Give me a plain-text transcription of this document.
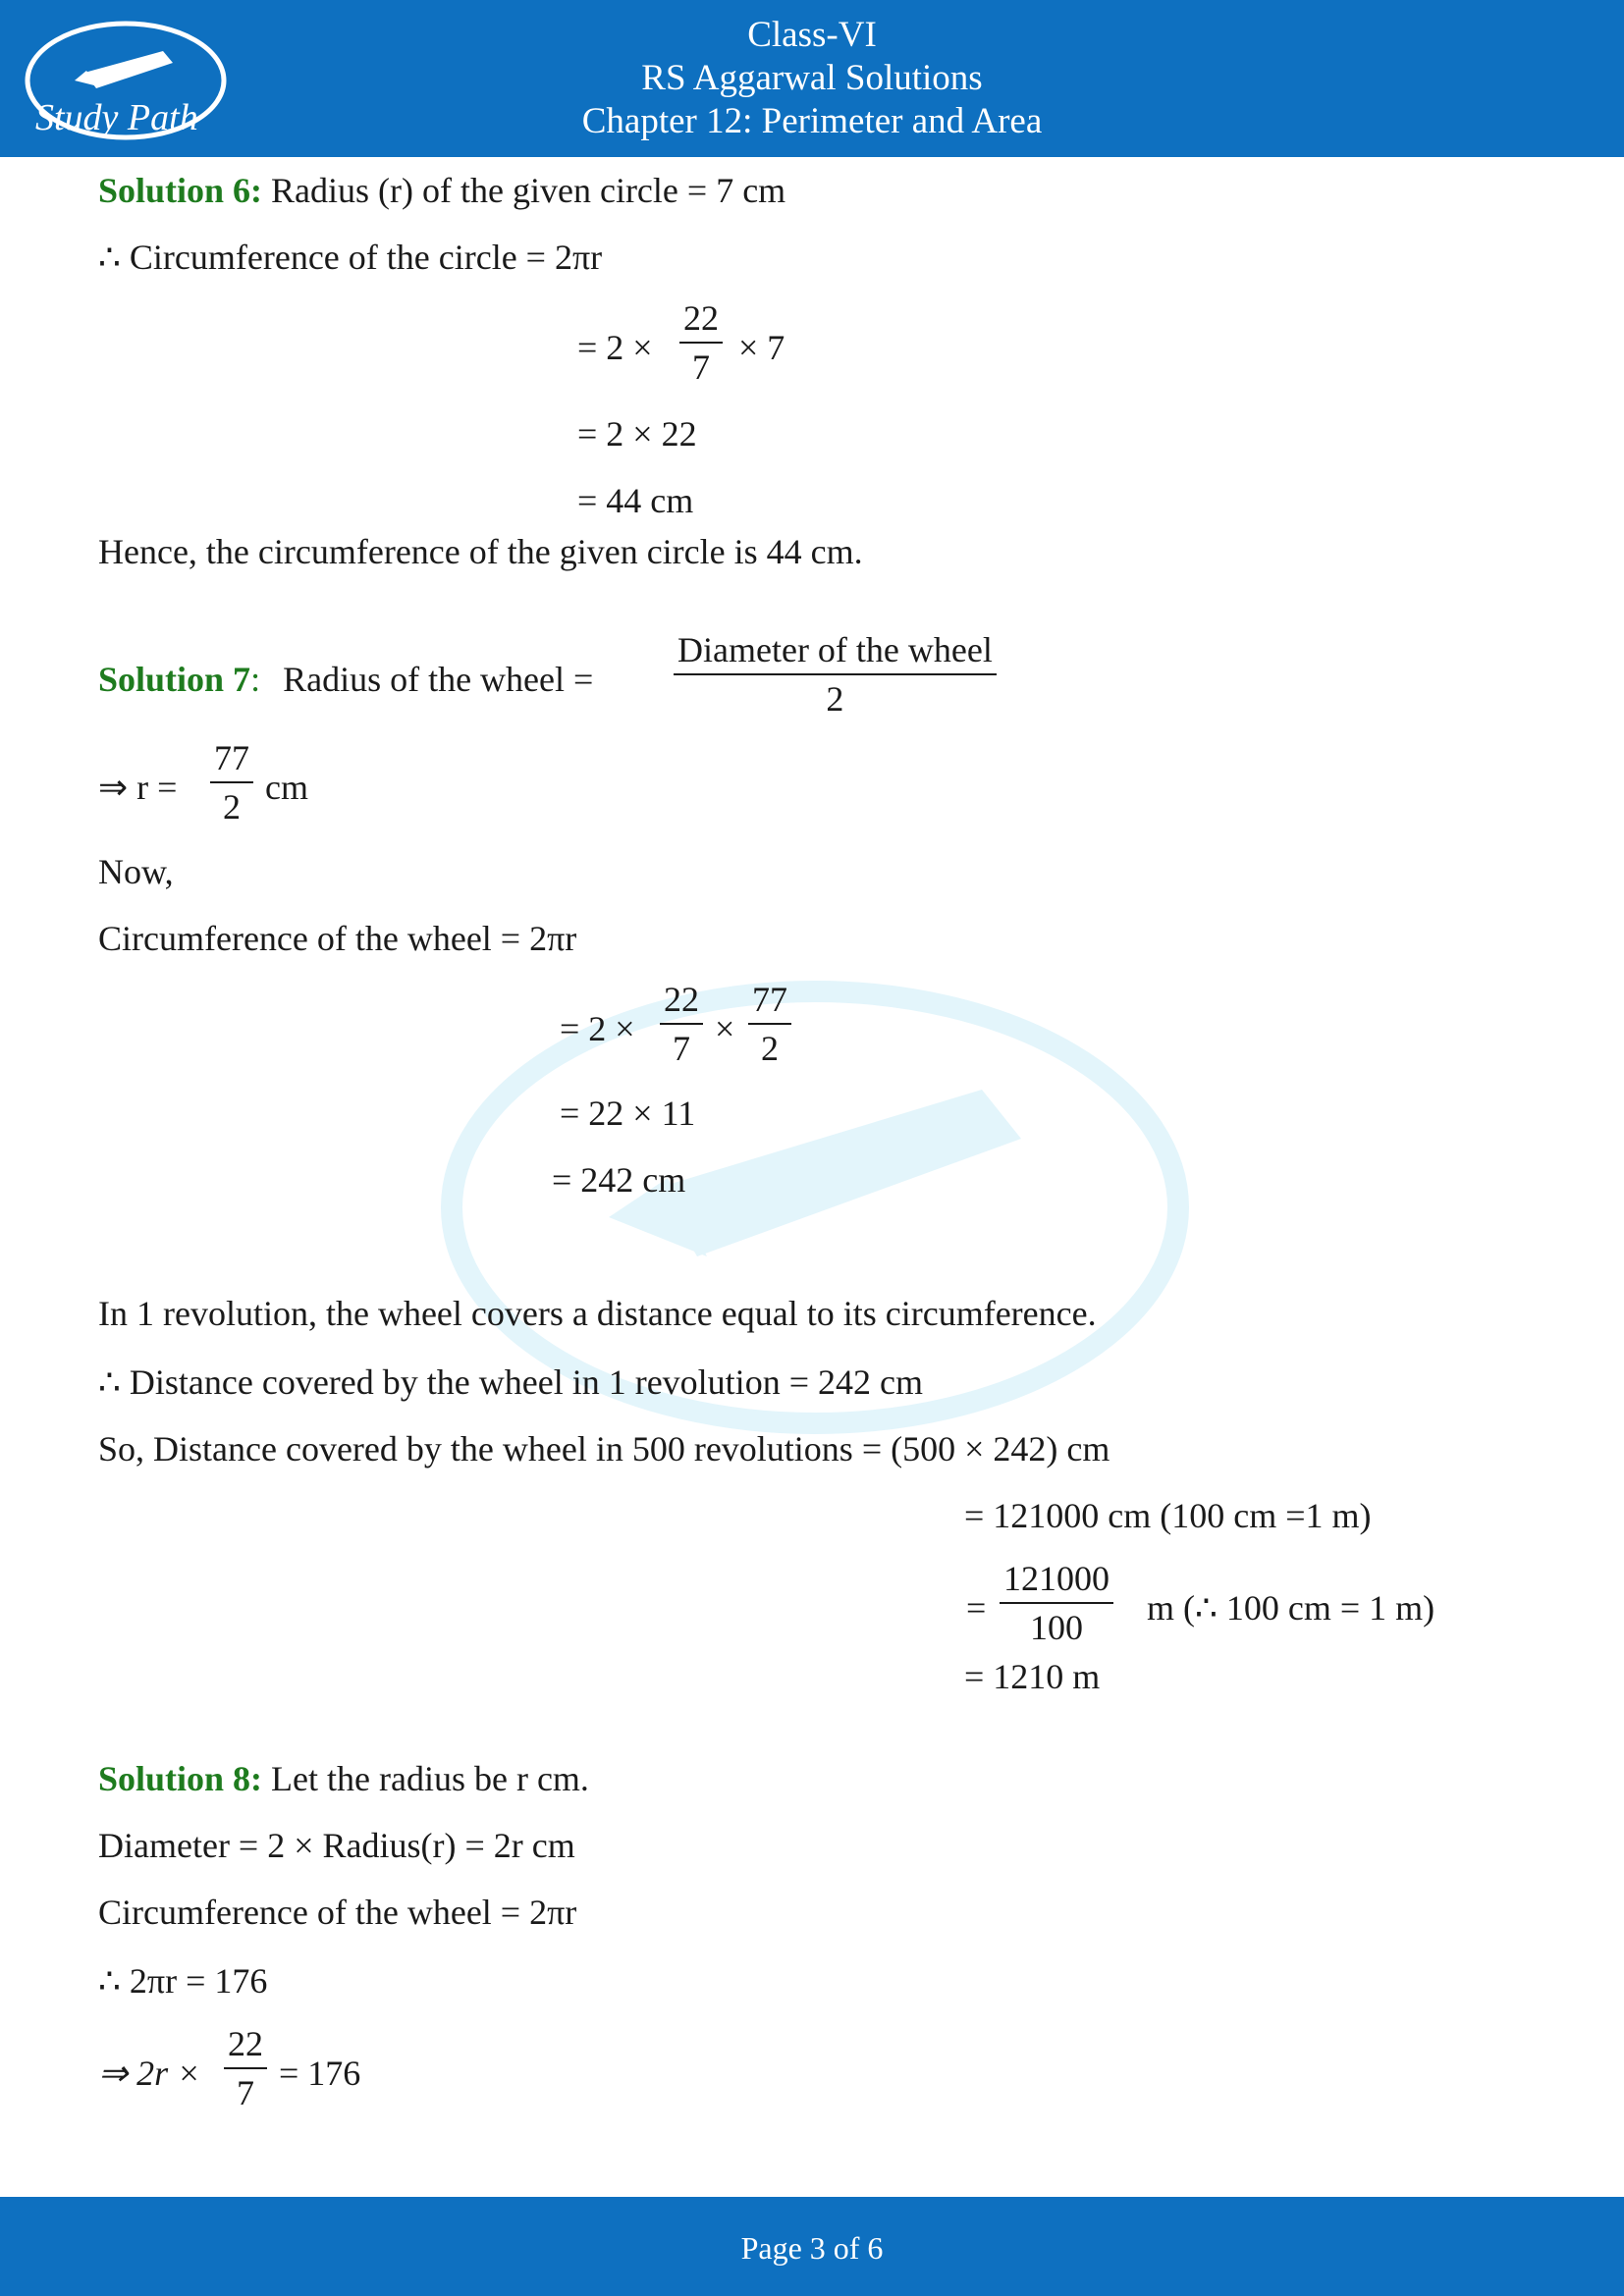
Study Path
Class-VI
RS Aggarwal Solutions
Chapter 12: Perimeter and Area
Solution 6: Radius (r) of the given circle = 7 cm
∴ Circumference of the circle = 2πr
= 2 ×
22
7 × 7
= 2 × 22
= 44 cm
Hence, the circumference of the given circle is 44 cm.
Solution 7: Radius of the wheel =
Diameter of the wheel
2
⇒ r =
77
2 cm
Now,
Circumference of the wheel = 2πr
= 2 ×
22
7 ×
77
2
= 22 × 11
= 242 cm
In 1 revolution, the wheel covers a distance equal to its circumference.
∴ Distance covered by the wheel in 1 revolution = 242 cm
So, Distance covered by the wheel in 500 revolutions = (500 × 242) cm
= 121000 cm (100 cm =1 m)
=
121000
100	m (∴ 100 cm = 1 m)
= 1210 m
Solution 8: Let the radius be r cm.
Diameter = 2 × Radius(r) = 2r cm
Circumference of the wheel = 2πr
∴ 2πr = 176
⇒ 2r ×
22
7 = 176
Page 3 of 6
